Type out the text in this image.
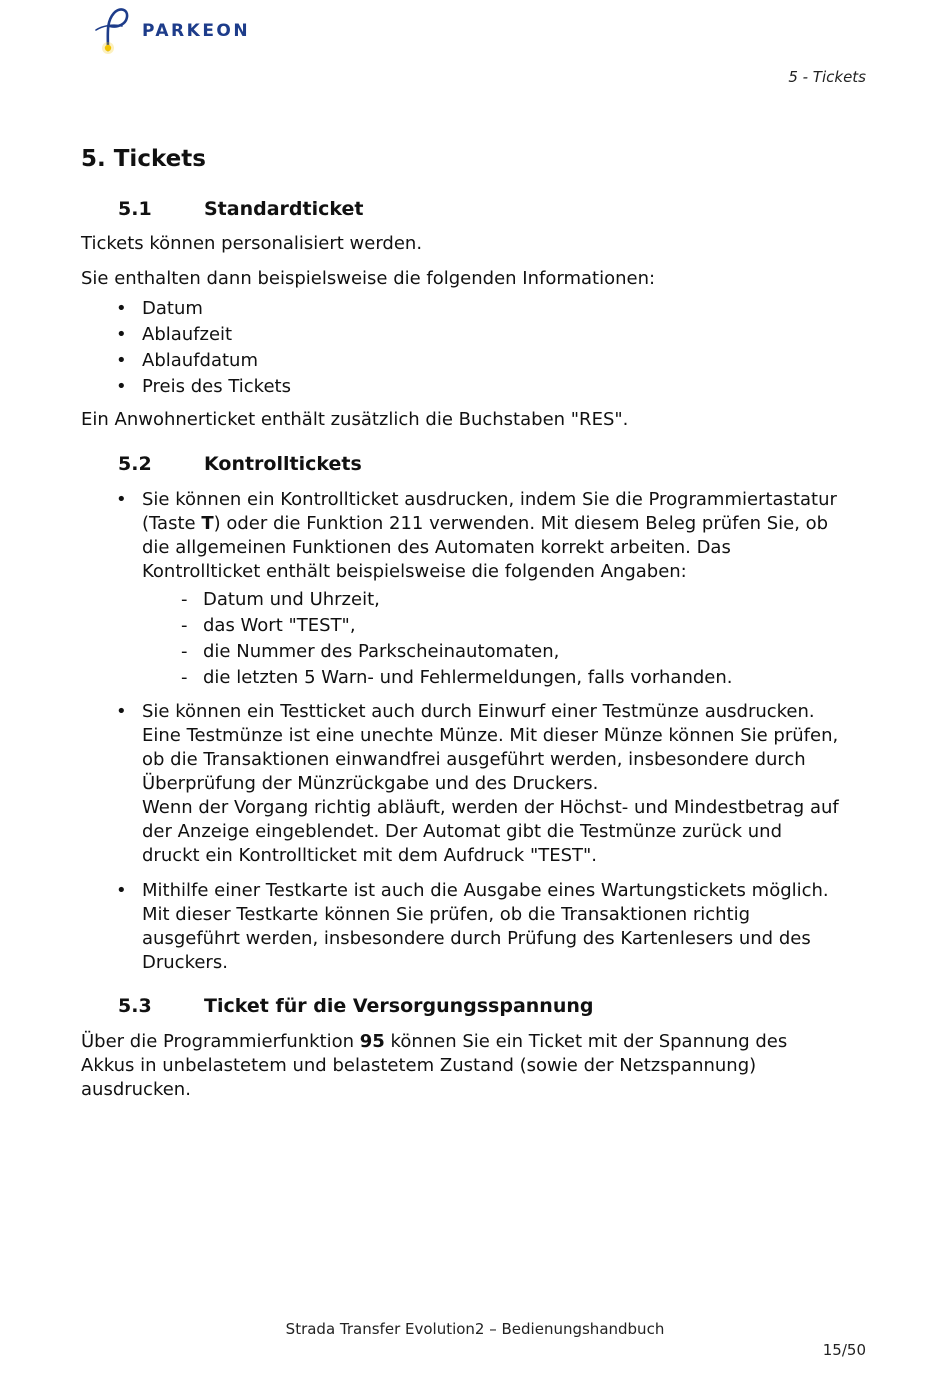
PARKEON
5 - Tickets
5. Tickets
5.1	Standardticket

Tickets können personalisiert werden.

Sie enthalten dann beispielsweise die folgenden Informationen:

• Datum

• Ablaufzeit

• Ablaufdatum

• Preis des Tickets

Ein Anwohnerticket enthält zusätzlich die Buchstaben "RES".

5.2	Kontrolltickets
• Sie können ein Kontrollticket ausdrucken, indem Sie die Programmiertastatur
(Taste T) oder die Funktion 211 verwenden. Mit diesem Beleg prüfen Sie, ob
die allgemeinen Funktionen des Automaten korrekt arbeiten. Das
Kontrollticket enthält beispielsweise die folgenden Angaben:

- Datum und Uhrzeit,

- das Wort "TEST",

- die Nummer des Parkscheinautomaten,

- die letzten 5 Warn- und Fehlermeldungen, falls vorhanden.

• Sie können ein Testticket auch durch Einwurf einer Testmünze ausdrucken.
Eine Testmünze ist eine unechte Münze. Mit dieser Münze können Sie prüfen,
ob die Transaktionen einwandfrei ausgeführt werden, insbesondere durch
Überprüfung der Münzrückgabe und des Druckers.
Wenn der Vorgang richtig abläuft, werden der Höchst- und Mindestbetrag auf
der Anzeige eingeblendet. Der Automat gibt die Testmünze zurück und
druckt ein Kontrollticket mit dem Aufdruck "TEST".
• Mithilfe einer Testkarte ist auch die Ausgabe eines Wartungstickets möglich.
Mit dieser Testkarte können Sie prüfen, ob die Transaktionen richtig
ausgeführt werden, insbesondere durch Prüfung des Kartenlesers und des
Druckers.
5.3	Ticket für die Versorgungsspannung
Über die Programmierfunktion 95 können Sie ein Ticket mit der Spannung des
Akkus in unbelastetem und belastetem Zustand (sowie der Netzspannung)
ausdrucken.
Strada Transfer Evolution2 – Bedienungshandbuch
15/50
